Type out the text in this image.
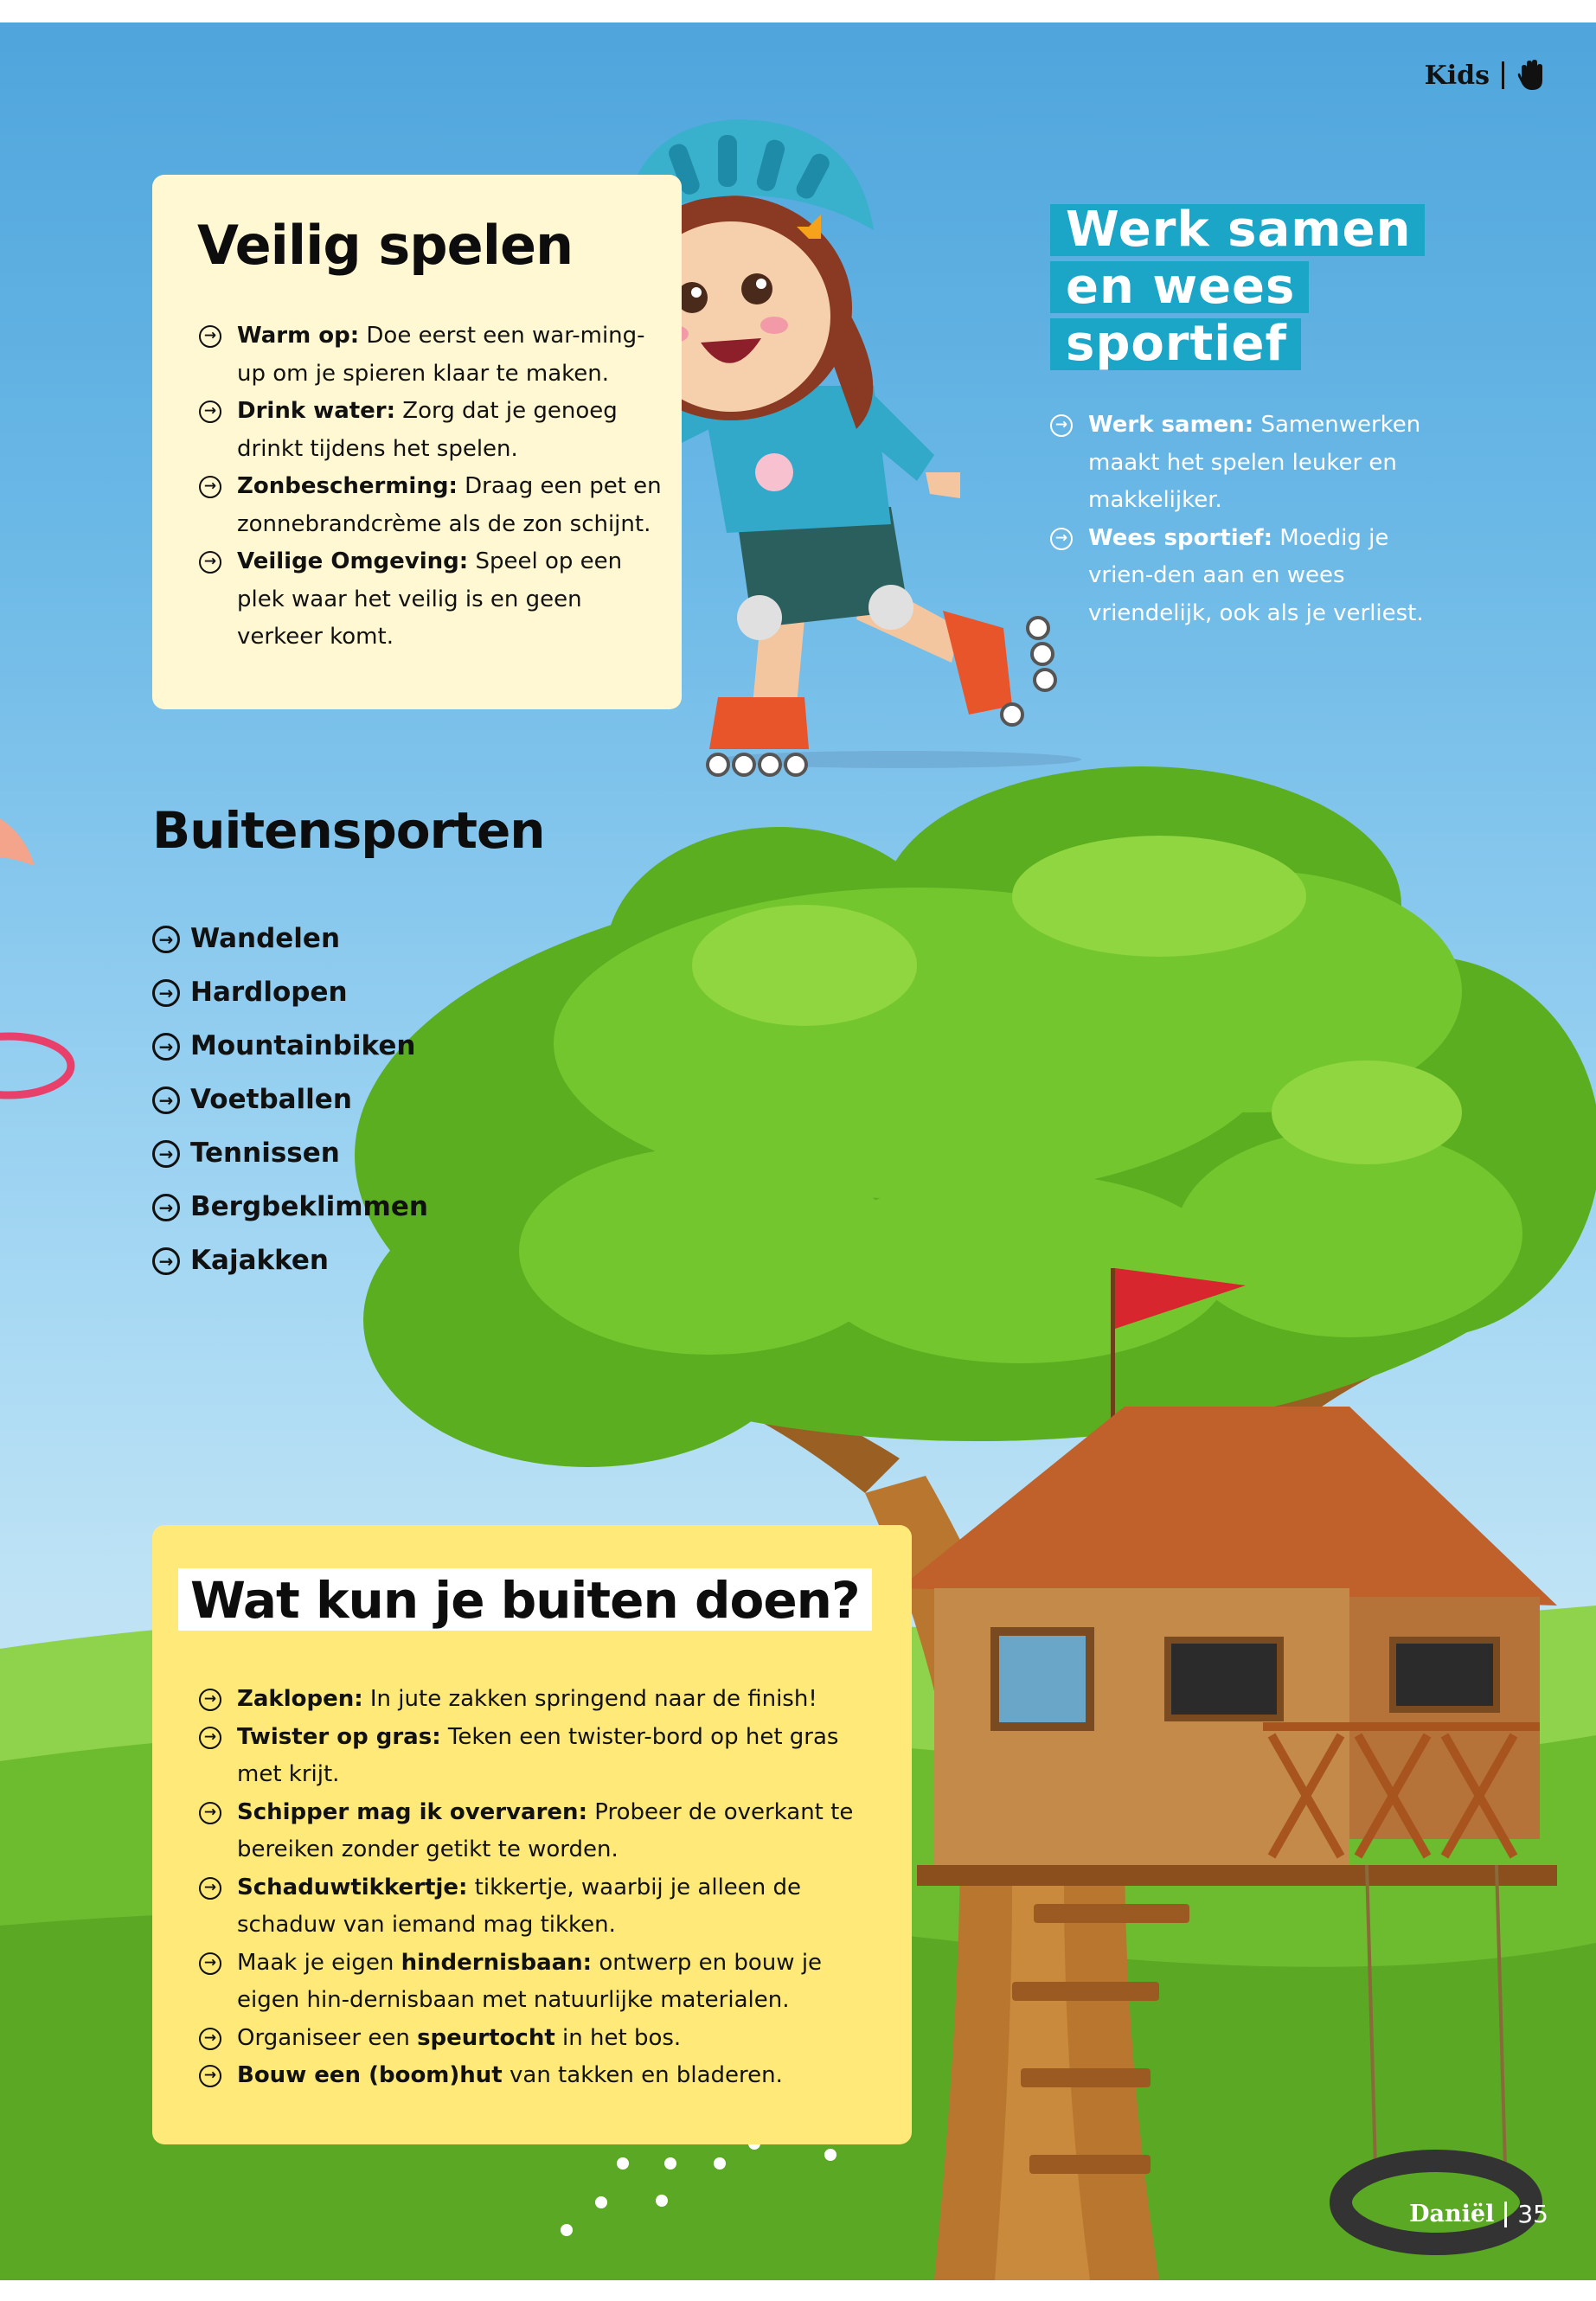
Kids
Veilig spelen
→ Warm op: Doe eerst een war-ming-up om je spieren klaar te maken.
→ Drink water: Zorg dat je genoeg drinkt tijdens het spelen.
→ Zonbescherming: Draag een pet en zonnebrandcrème als de zon schijnt.
→ Veilige Omgeving: Speel op een plek waar het veilig is en geen verkeer komt.
Werk samen
en wees
sportief
→ Werk samen: Samenwerken maakt het spelen leuker en makkelijker.
→ Wees sportief: Moedig je vrien-den aan en wees vriendelijk, ook als je verliest.
Buitensporten
→ Wandelen
→ Hardlopen
→ Mountainbiken
→ Voetballen
→ Tennissen
→ Bergbeklimmen
→ Kajakken
Wat kun je buiten doen?
→ Zaklopen: In jute zakken springend naar de finish!
→ Twister op gras: Teken een twister-bord op het gras met krijt.
→ Schipper mag ik overvaren: Probeer de overkant te bereiken zonder getikt te worden.
→ Schaduwtikkertje: tikkertje, waarbij je alleen de schaduw van iemand mag tikken.
→ Maak je eigen hindernisbaan: ontwerp en bouw je eigen hin-dernisbaan met natuurlijke materialen.
→ Organiseer een speurtocht in het bos.
→ Bouw een (boom)hut van takken en bladeren.
Daniël 35
